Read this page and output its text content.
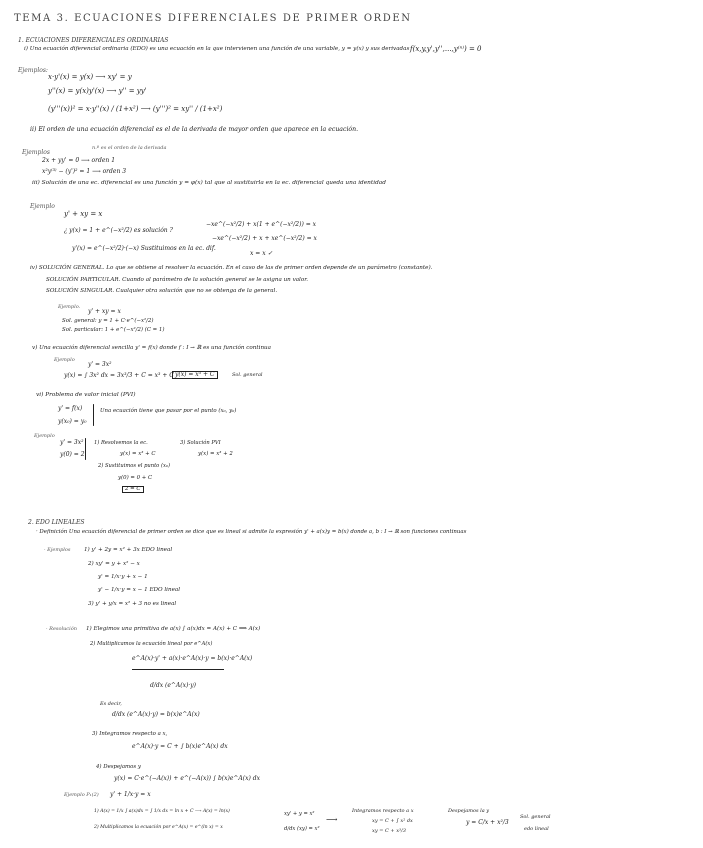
TEMA 3. ECUACIONES DIFERENCIALES DE PRIMER ORDEN
1. ECUACIONES DIFERENCIALES ORDINARIAS
i) Una ecuación diferencial ordinaria (EDO) es una ecuación en la que intervienen una función de una variable, y = y(x) y sus derivadas f(x,y,y',y'',...,y⁽ⁿ⁾) = 0
Ejemplos:
x·y'(x) = y(x) ⟶ xy' = y
y''(x) = y(x)y'(x) ⟶ y'' = yy'
(y'''(x))² = x·y''(x) / (1+x²) ⟶ (y''')² = xy'' / (1+x²)
ii) El orden de una ecuación diferencial es el de la derivada de mayor orden que aparece en la ecuación.
Ejemplos
n.º es el orden de la derivada
2x + yy' = 0 ⟶ orden 1
x²y⁽³⁾ − (y')² = 1 ⟶ orden 3
iii) Solución de una ec. diferencial es una función y = φ(x) tal que al sustituirla en la ec. diferencial queda una identidad
Ejemplo
y' + xy = x
¿ y(x) = 1 + e^(−x²/2) es solución ?
y'(x) = e^(−x²/2)·(−x) Sustituimos en la ec. dif.
−xe^(−x²/2) + x(1 + e^(−x²/2)) = x
−xe^(−x²/2) + x + xe^(−x²/2) = x
x = x ✓
iv) SOLUCIÓN GENERAL. Lo que se obtiene al resolver la ecuación. En el caso de las de primer orden depende de un parámetro (constante).
SOLUCIÓN PARTICULAR. Cuando al parámetro de la solución general se le asigna un valor.
SOLUCIÓN SINGULAR. Cualquier otra solución que no se obtenga de la general.
Ejemplo.
y' + xy = x
Sol. general: y = 1 + C·e^(−x²/2)
Sol. particular: 1 + e^(−x²/2) (C = 1)
v) Una ecuación diferencial sencilla y' = f(x) donde f : I → ℝ es una función continua
Ejemplo
y' = 3x²
y(x) = ∫ 3x² dx = 3x³/3 + C = x³ + C y(x) = x³ + C	Sol. general
vi) Problema de valor inicial (PVI)
y' = f(x)
y(x₀) = y₀
Una ecuación tiene que pasar por el punto (x₀, y₀)
Ejemplo
y' = 3x²
y(0) = 2
1) Resolvemos la ec.
y(x) = x³ + C
2) Sustituimos el punto (x₀)
y(0) = 0 + C
2 = C
3) Solución PVI
y(x) = x³ + 2
2. EDO LINEALES
· Definición Una ecuación diferencial de primer orden se dice que es lineal si admite la expresión y' + a(x)y = b(x) donde a, b : I → ℝ son funciones continuas
· Ejemplos 1) y' + 2y = x² + 3x EDO lineal
2) xy' = y + x² − x
y' = 1/x·y + x − 1
y' − 1/x·y = x − 1 EDO lineal
3) y' + y/x = x² + 3 no es lineal
· Resolución 1) Elegimos una primitiva de a(x) ∫ a(x)dx = A(x) + C ⟹ A(x)
2) Multiplicamos la ecuación lineal por e^A(x)
e^A(x)·y' + a(x)·e^A(x)·y = b(x)·e^A(x)
d/dx (e^A(x)·y)
Es decir,
d/dx (e^A(x)·y) = b(x)e^A(x)
3) Integramos respecto a x,
e^A(x)·y = C + ∫ b(x)e^A(x) dx
4) Despejamos y
y(x) = C·e^(−A(x)) + e^(−A(x)) ∫ b(x)e^A(x) dx
Ejemplo P₁(2) y' + 1/x·y = x
1) A(x) = 1/x ∫ a(x)dx = ∫ 1/x dx = ln x + C ⟶ A(x) = ln(x)
2) Multiplicamos la ecuación por e^A(x) = e^(ln x) = x
xy' + y = x²
d/dx (xy) = x²
⟶
Integramos respecto a x
xy = C + ∫ x² dx
xy = C + x³/3
Despejamos la y
y = C/x + x²/3
Sol. general
edo lineal
